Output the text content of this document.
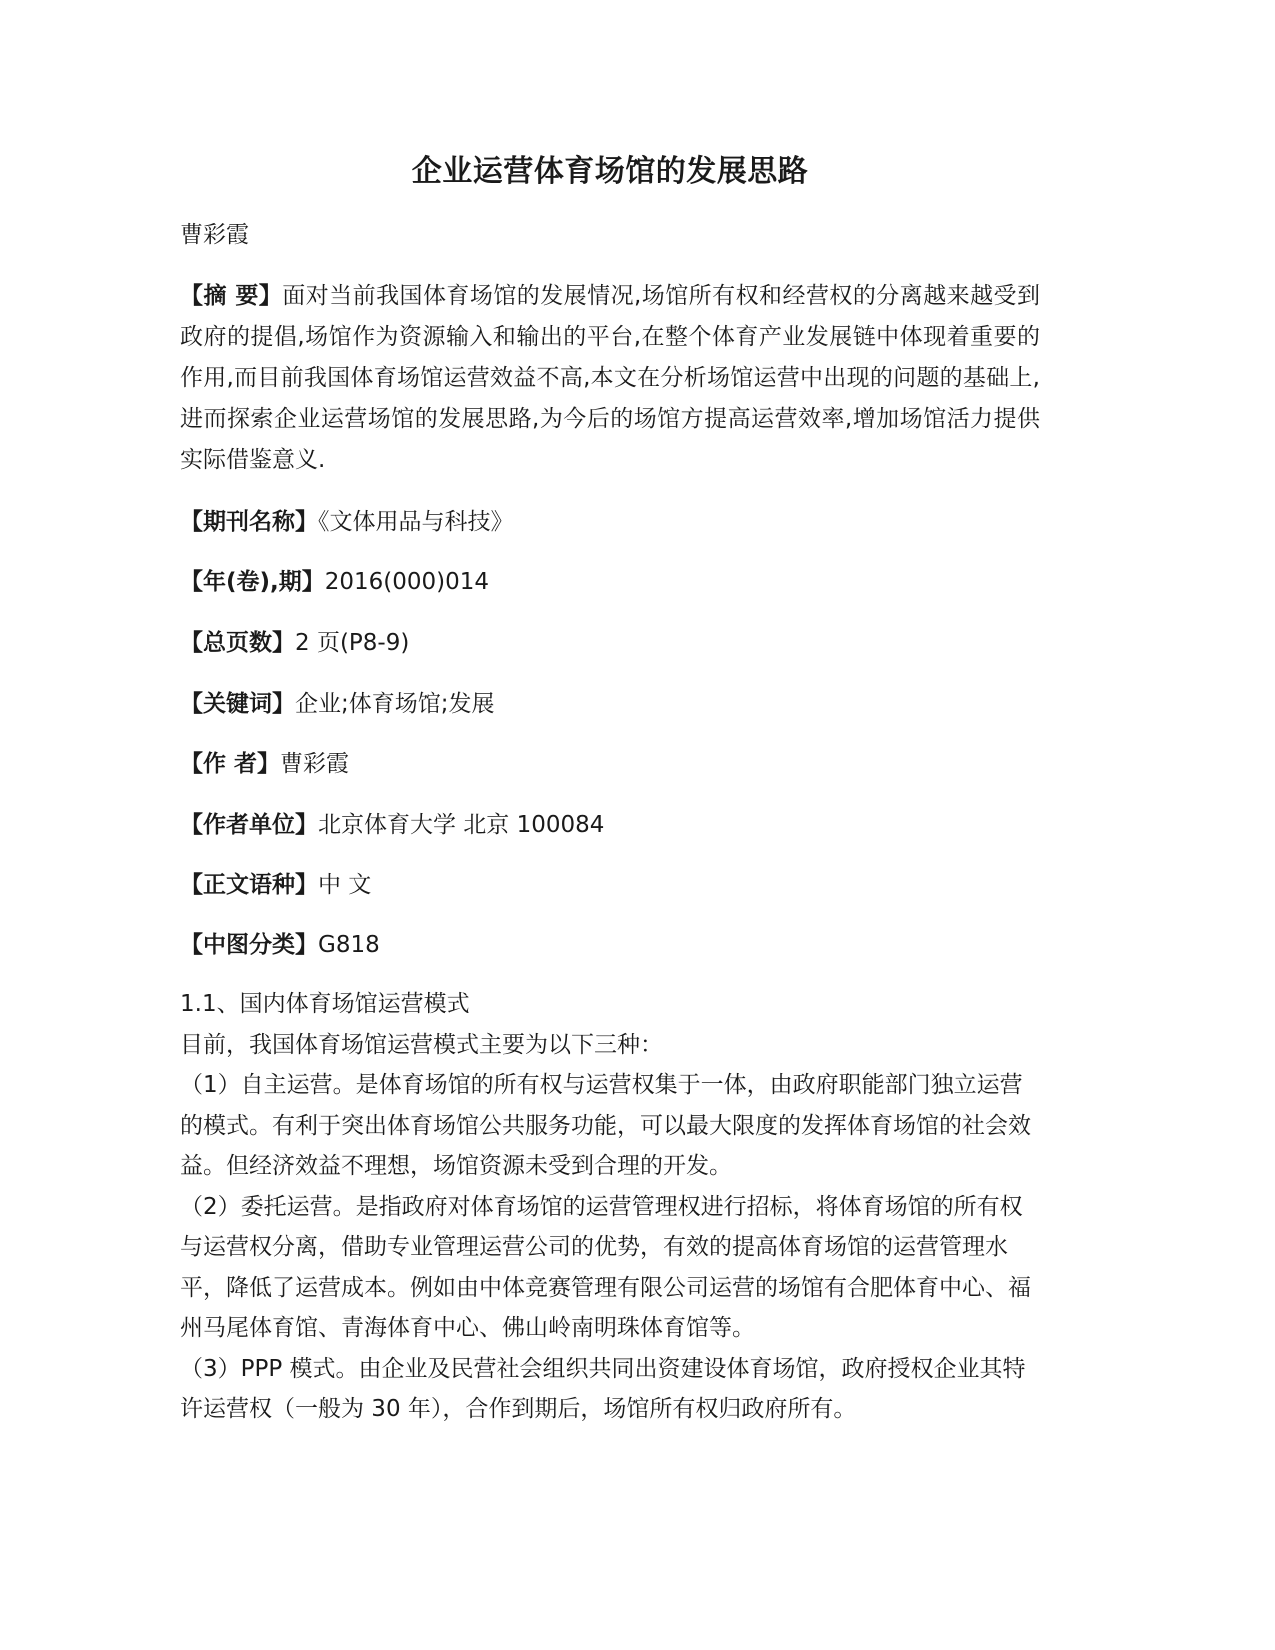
企业运营体育场馆的发展思路

曹彩霞

【摘 要】面对当前我国体育场馆的发展情况,场馆所有权和经营权的分离越来越受到政府的提倡,场馆作为资源输入和输出的平台,在整个体育产业发展链中体现着重要的作用,而目前我国体育场馆运营效益不高,本文在分析场馆运营中出现的问题的基础上,进而探索企业运营场馆的发展思路,为今后的场馆方提高运营效率,增加场馆活力提供实际借鉴意义.

【期刊名称】《文体用品与科技》

【年(卷),期】2016(000)014

【总页数】2 页(P8-9)

【关键词】企业;体育场馆;发展

【作 者】曹彩霞

【作者单位】北京体育大学 北京 100084

【正文语种】中 文

【中图分类】G818

1.1、国内体育场馆运营模式

目前，我国体育场馆运营模式主要为以下三种：

（1）自主运营。是体育场馆的所有权与运营权集于一体，由政府职能部门独立运营的模式。有利于突出体育场馆公共服务功能，可以最大限度的发挥体育场馆的社会效益。但经济效益不理想，场馆资源未受到合理的开发。

（2）委托运营。是指政府对体育场馆的运营管理权进行招标，将体育场馆的所有权与运营权分离，借助专业管理运营公司的优势，有效的提高体育场馆的运营管理水平，降低了运营成本。例如由中体竞赛管理有限公司运营的场馆有合肥体育中心、福州马尾体育馆、青海体育中心、佛山岭南明珠体育馆等。

（3）PPP 模式。由企业及民营社会组织共同出资建设体育场馆，政府授权企业其特许运营权（一般为 30 年），合作到期后，场馆所有权归政府所有。
